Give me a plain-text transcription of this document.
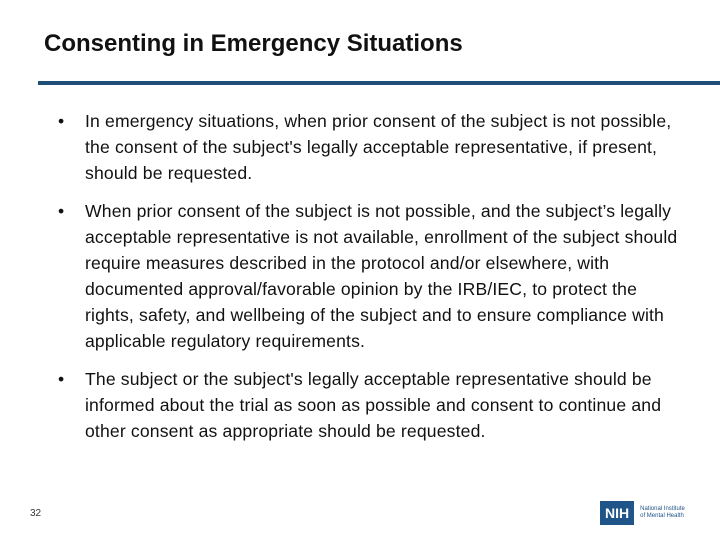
Consenting in Emergency Situations
•	In emergency situations, when prior consent of the subject is not possible, the consent of the subject's legally acceptable representative, if present, should be requested.
•	When prior consent of the subject is not possible, and the subject’s legally acceptable representative is not available, enrollment of the subject should require measures described in the protocol and/or elsewhere, with documented approval/favorable opinion by the IRB/IEC, to protect the rights, safety, and wellbeing of the subject and to ensure compliance with applicable regulatory requirements.
•	The subject or the subject's legally acceptable representative should be informed about the trial as soon as possible and consent to continue and other consent as appropriate should be requested.
32	NIH	National Institute
of Mental Health
